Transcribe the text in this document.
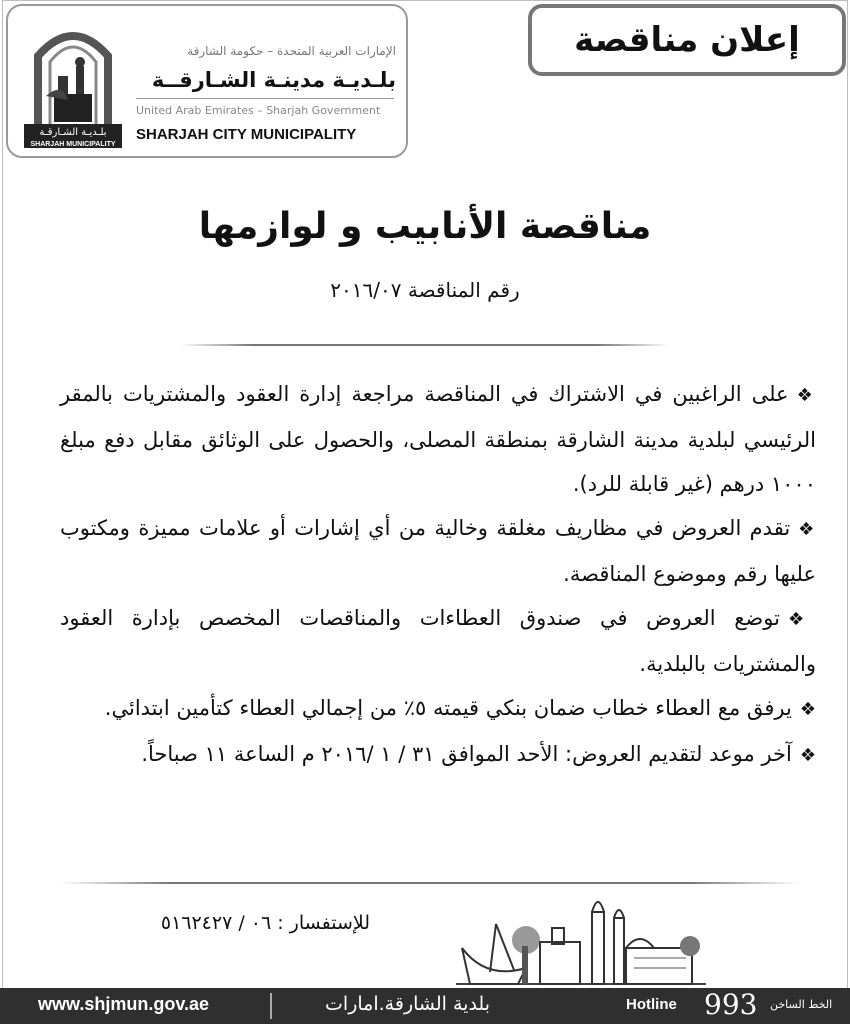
إعلان مناقصة
بلـديـة الشـارقـة
SHARJAH MUNICIPALITY
الإمارات العربية المتحدة – حكومة الشارقة
بلـديـة مدينـة الشـارقــة
United Arab Emirates – Sharjah Government
SHARJAH CITY MUNICIPALITY
مناقصة الأنابيب و لوازمها
رقم المناقصة ٢٠١٦/٠٧

❖على الراغبين في الاشتراك في المناقصة مراجعة إدارة العقود والمشتريات بالمقر الرئيسي لبلدية مدينة الشارقة بمنطقة المصلى، والحصول على الوثائق مقابل دفع مبلغ ١٠٠٠ درهم (غير قابلة للرد).

❖تقدم العروض في مظاريف مغلقة وخالية من أي إشارات أو علامات مميزة ومكتوب عليها رقم وموضوع المناقصة.

❖توضع العروض في صندوق العطاءات والمناقصات المخصص بإدارة العقود والمشتريات بالبلدية.

❖يرفق مع العطاء خطاب ضمان بنكي قيمته ٥٪ من إجمالي العطاء كتأمين ابتدائي.

❖آخر موعد لتقديم العروض: الأحد الموافق ٣١ / ١ /٢٠١٦ م الساعة ١١ صباحاً.

للإستفسار : ٠٦ / ٥١٦٢٤٢٧
www.shjmun.gov.ae	بلدية الشارقة.امارات	Hotline 993 الخط الساخن
